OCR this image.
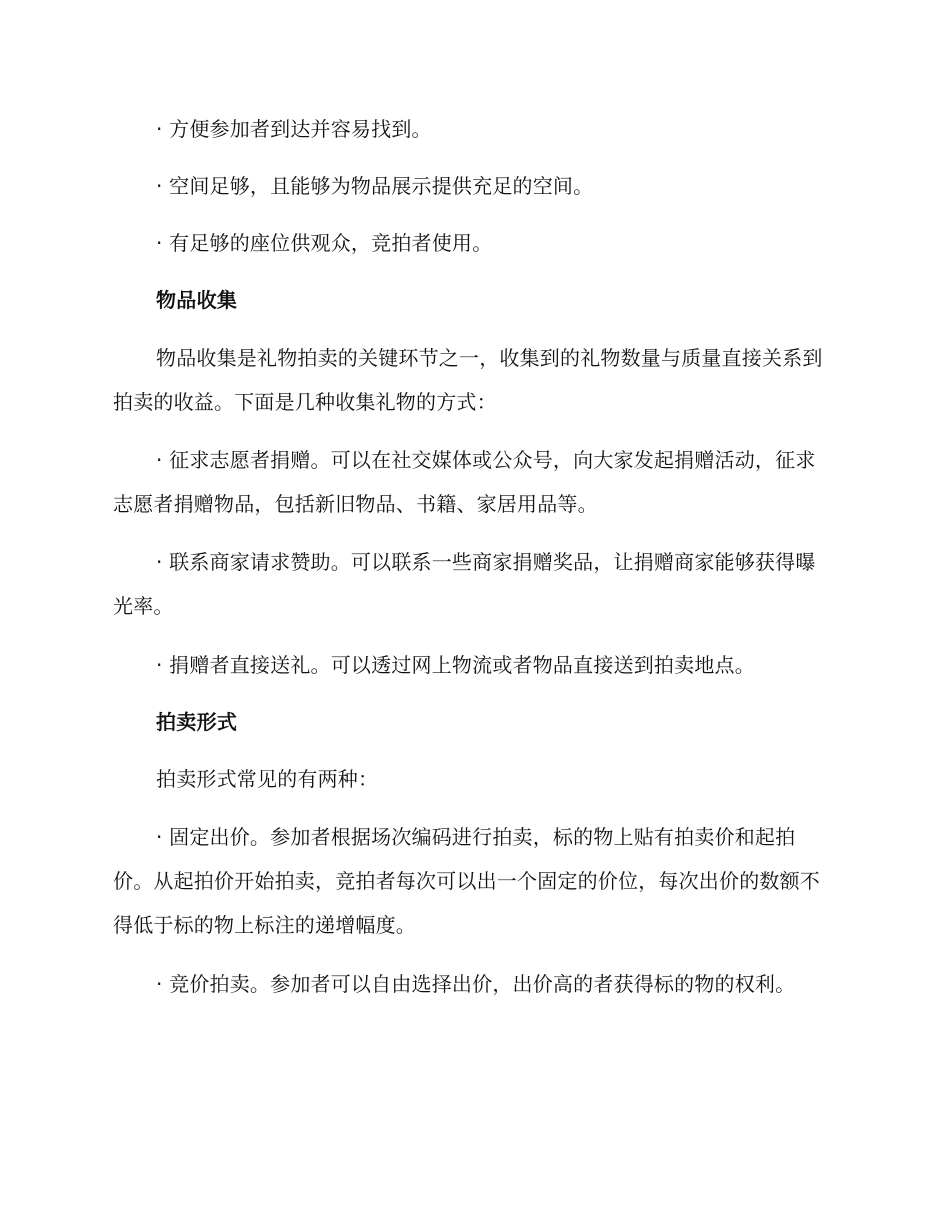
· 方便参加者到达并容易找到。

· 空间足够，且能够为物品展示提供充足的空间。

· 有足够的座位供观众，竞拍者使用。

物品收集

物品收集是礼物拍卖的关键环节之一，收集到的礼物数量与质量直接关系到拍卖的收益。下面是几种收集礼物的方式：

· 征求志愿者捐赠。可以在社交媒体或公众号，向大家发起捐赠活动，征求志愿者捐赠物品，包括新旧物品、书籍、家居用品等。

· 联系商家请求赞助。可以联系一些商家捐赠奖品，让捐赠商家能够获得曝光率。

· 捐赠者直接送礼。可以透过网上物流或者物品直接送到拍卖地点。

拍卖形式

拍卖形式常见的有两种：

· 固定出价。参加者根据场次编码进行拍卖，标的物上贴有拍卖价和起拍价。从起拍价开始拍卖，竞拍者每次可以出一个固定的价位，每次出价的数额不得低于标的物上标注的递增幅度。

· 竞价拍卖。参加者可以自由选择出价，出价高的者获得标的物的权利。
